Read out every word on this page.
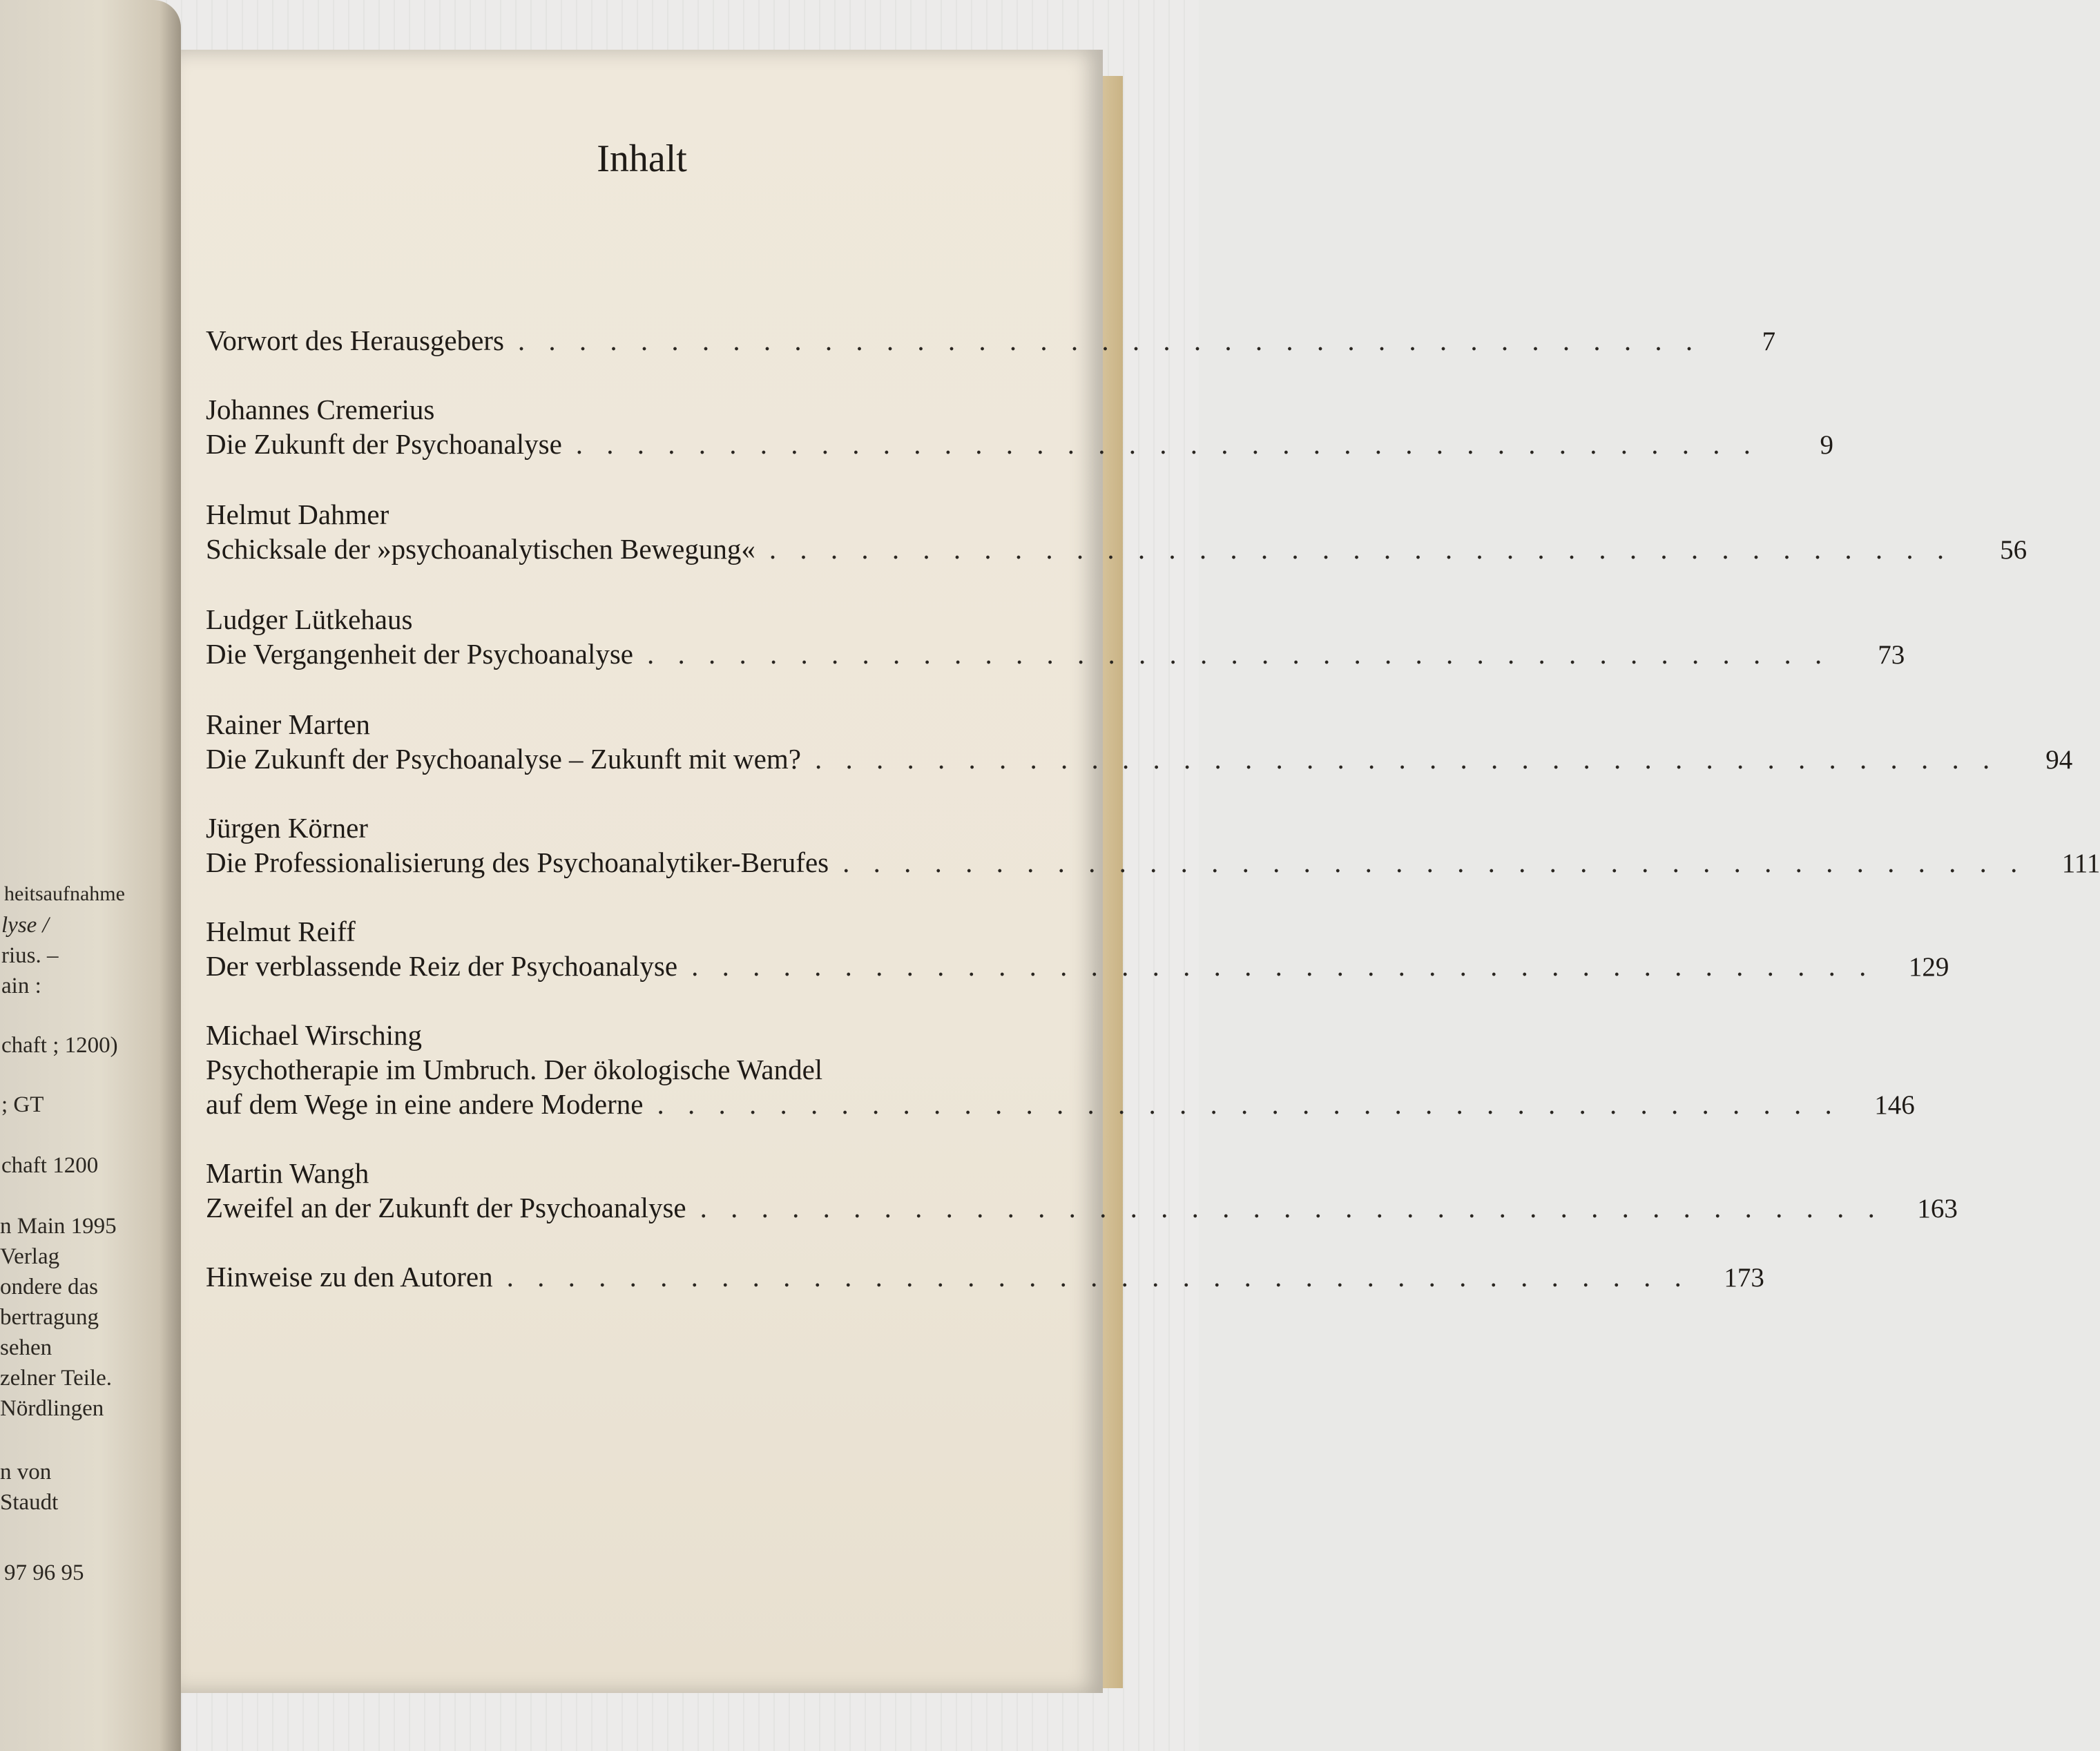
heitsaufnahme
lyse /
rius. –
ain :
chaft ; 1200)
; GT
chaft 1200
n Main 1995
Verlag
ondere das
bertragung
sehen
zelner Teile.
Nördlingen
n von
Staudt
97 96 95
Inhalt
Vorwort des Herausgebers . . . . . . . . . . . . . . . . . . . . . . . . . . . . . . . . . . . . . . .	7
Johannes Cremerius
Die Zukunft der Psychoanalyse . . . . . . . . . . . . . . . . . . . . . . . . . . . . . . . . . . . . . . .	9
Helmut Dahmer
Schicksale der »psychoanalytischen Bewegung« . . . . . . . . . . . . . . . . . . . . . . . . . . . . . . . . . . . . . . .	56
Ludger Lütkehaus
Die Vergangenheit der Psychoanalyse . . . . . . . . . . . . . . . . . . . . . . . . . . . . . . . . . . . . . . .	73
Rainer Marten
Die Zukunft der Psychoanalyse – Zukunft mit wem? . . . . . . . . . . . . . . . . . . . . . . . . . . . . . . . . . . . . . . .	94
Jürgen Körner
Die Professionalisierung des Psychoanalytiker-Berufes . . . . . . . . . . . . . . . . . . . . . . . . . . . . . . . . . . . . . . .	111
Helmut Reiff
Der verblassende Reiz der Psychoanalyse . . . . . . . . . . . . . . . . . . . . . . . . . . . . . . . . . . . . . . .	129
Michael Wirsching
Psychotherapie im Umbruch. Der ökologische Wandel
auf dem Wege in eine andere Moderne . . . . . . . . . . . . . . . . . . . . . . . . . . . . . . . . . . . . . . .	146
Martin Wangh
Zweifel an der Zukunft der Psychoanalyse . . . . . . . . . . . . . . . . . . . . . . . . . . . . . . . . . . . . . . .	163
Hinweise zu den Autoren . . . . . . . . . . . . . . . . . . . . . . . . . . . . . . . . . . . . . . .	173
